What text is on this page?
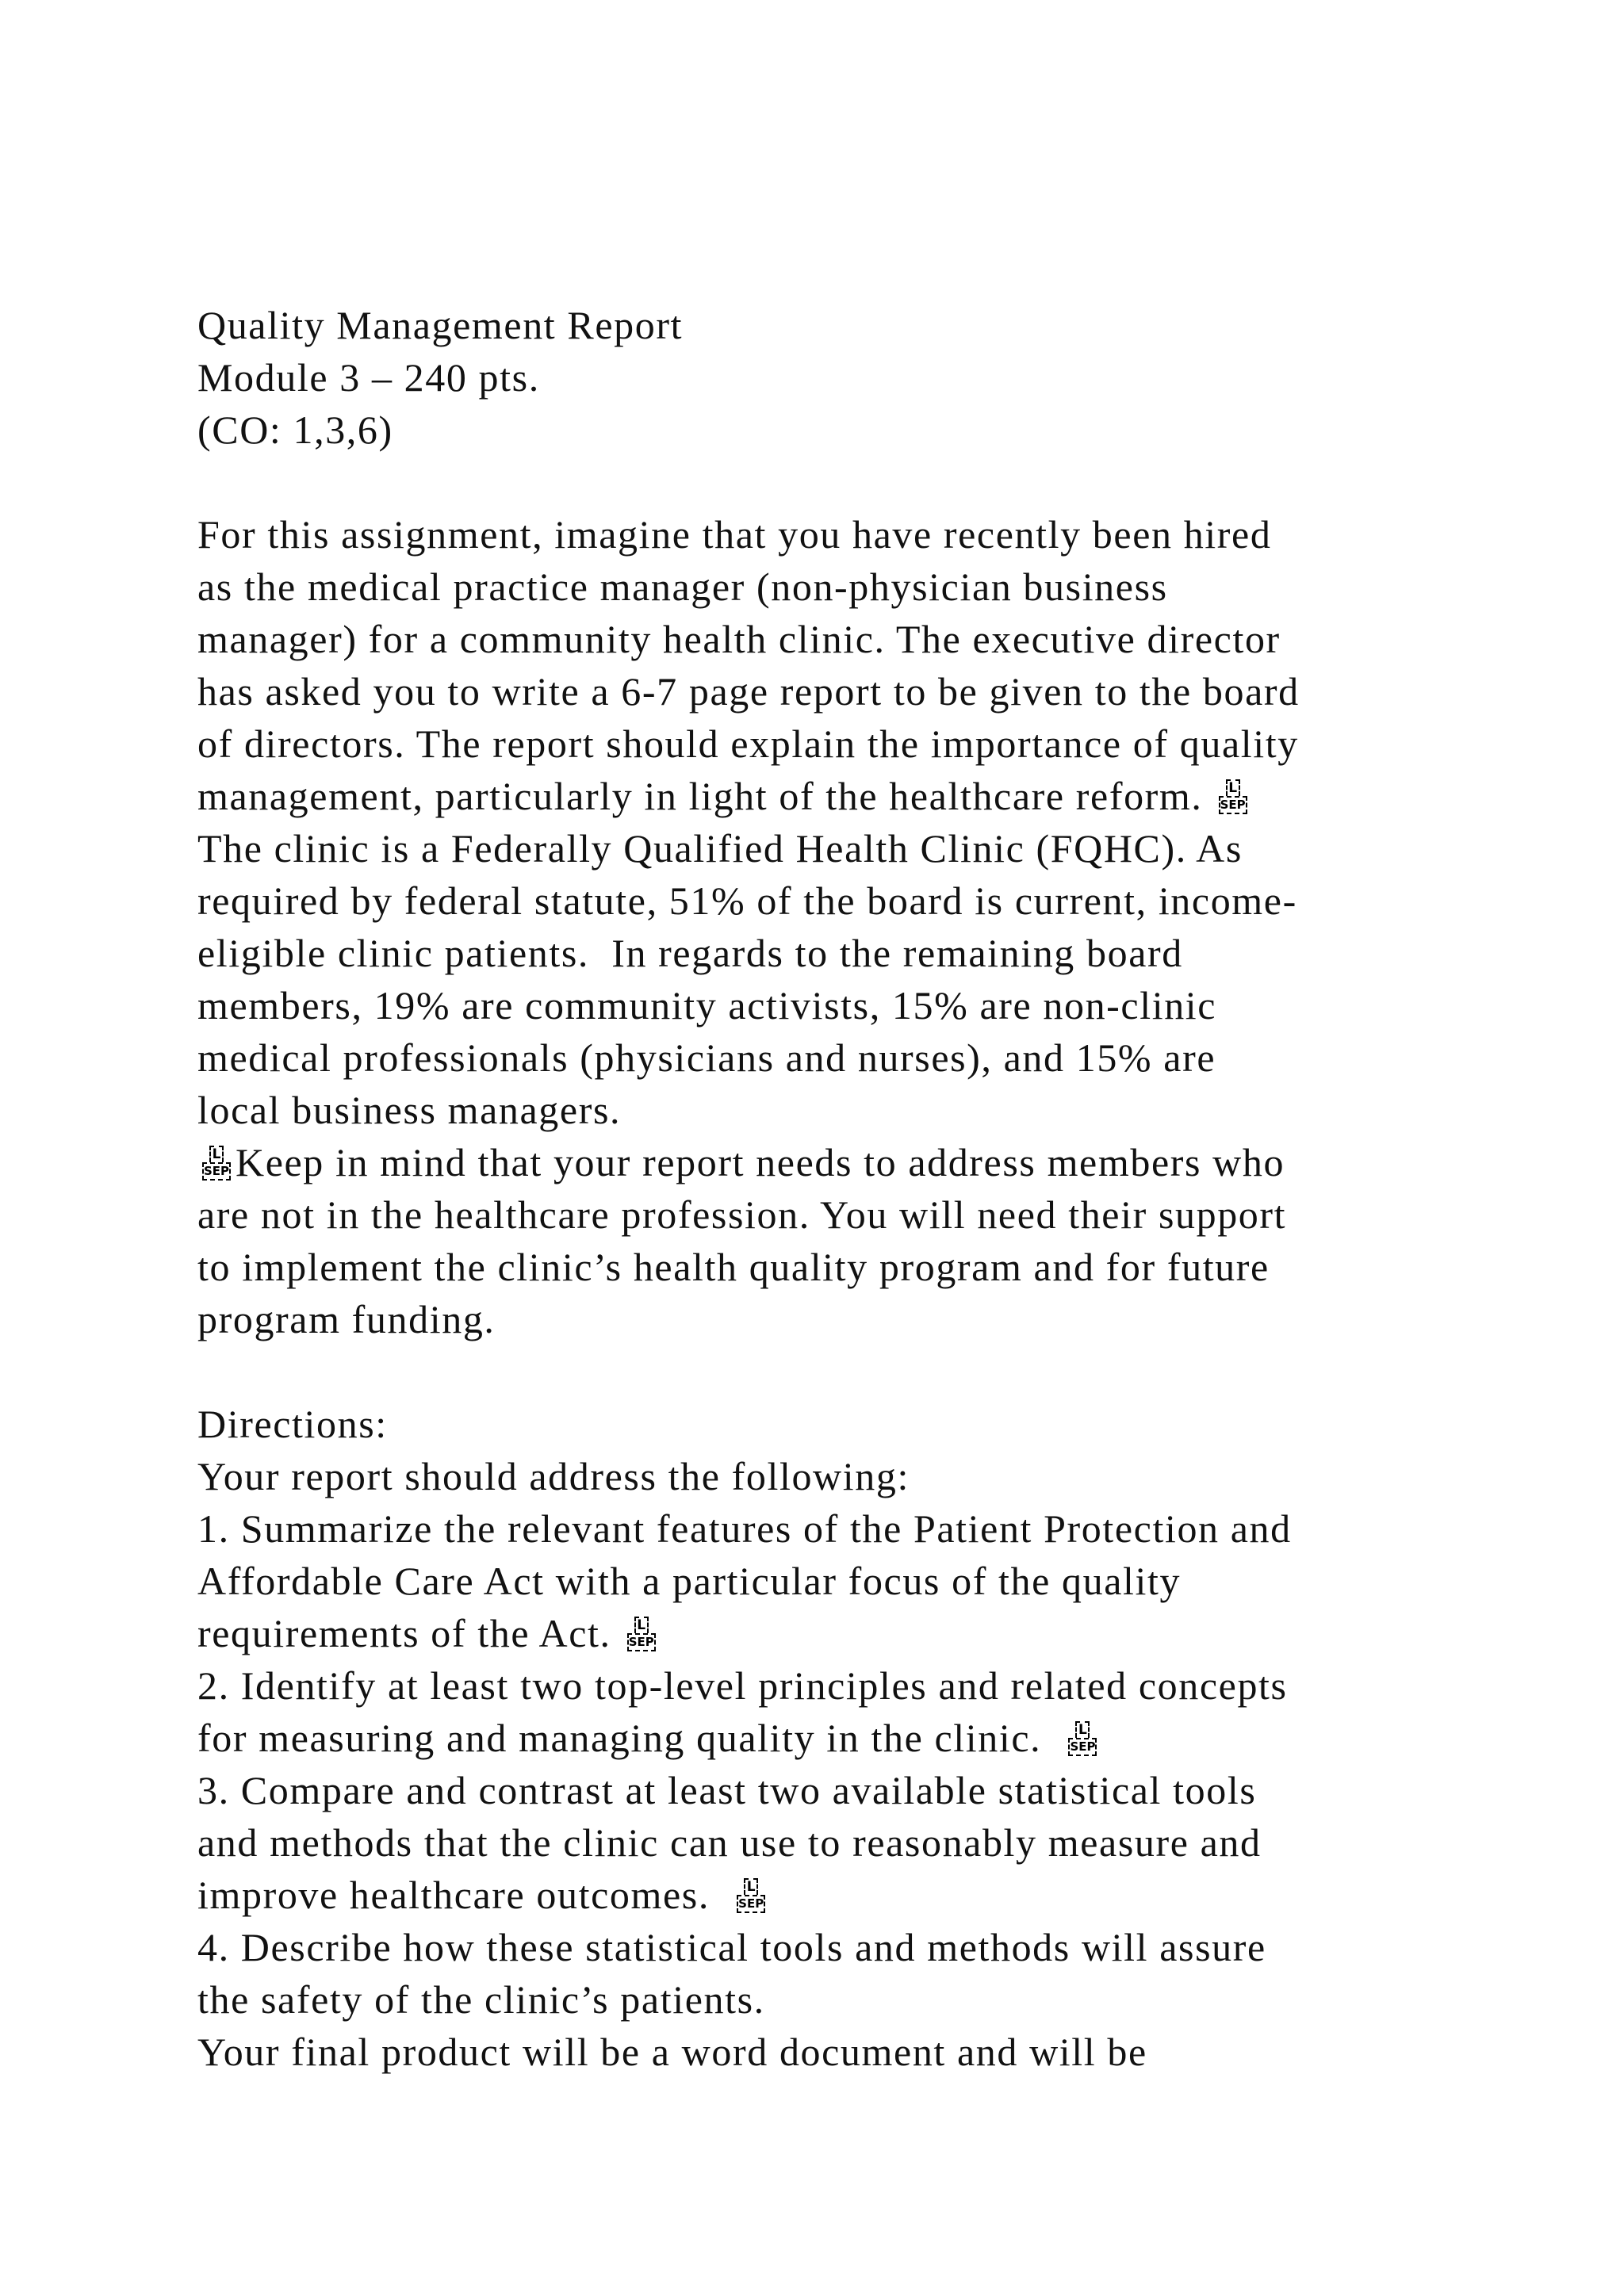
Quality Management Report
Module 3 – 240 pts.
(CO: 1,3,6)
For this assignment, imagine that you have recently been hired
as the medical practice manager (non-physician business
manager) for a community health clinic. The executive director
has asked you to write a 6-7 page report to be given to the board
of directors. The report should explain the importance of quality
management, particularly in light of the healthcare reform. L
SEP
The clinic is a Federally Qualified Health Clinic (FQHC). As
required by federal statute, 51% of the board is current, income-
eligible clinic patients.  In regards to the remaining board
members, 19% are community activists, 15% are non-clinic
medical professionals (physicians and nurses), and 15% are
local business managers.
L
SEP Keep in mind that your report needs to address members who
are not in the healthcare profession. You will need their support
to implement the clinic’s health quality program and for future
program funding.
Directions:
Your report should address the following:
1. Summarize the relevant features of the Patient Protection and
Affordable Care Act with a particular focus of the quality
requirements of the Act. L
SEP
2. Identify at least two top-level principles and related concepts
for measuring and managing quality in the clinic. L
SEP
3. Compare and contrast at least two available statistical tools
and methods that the clinic can use to reasonably measure and
improve healthcare outcomes. L
SEP
4. Describe how these statistical tools and methods will assure
the safety of the clinic’s patients.
Your final product will be a word document and will be
